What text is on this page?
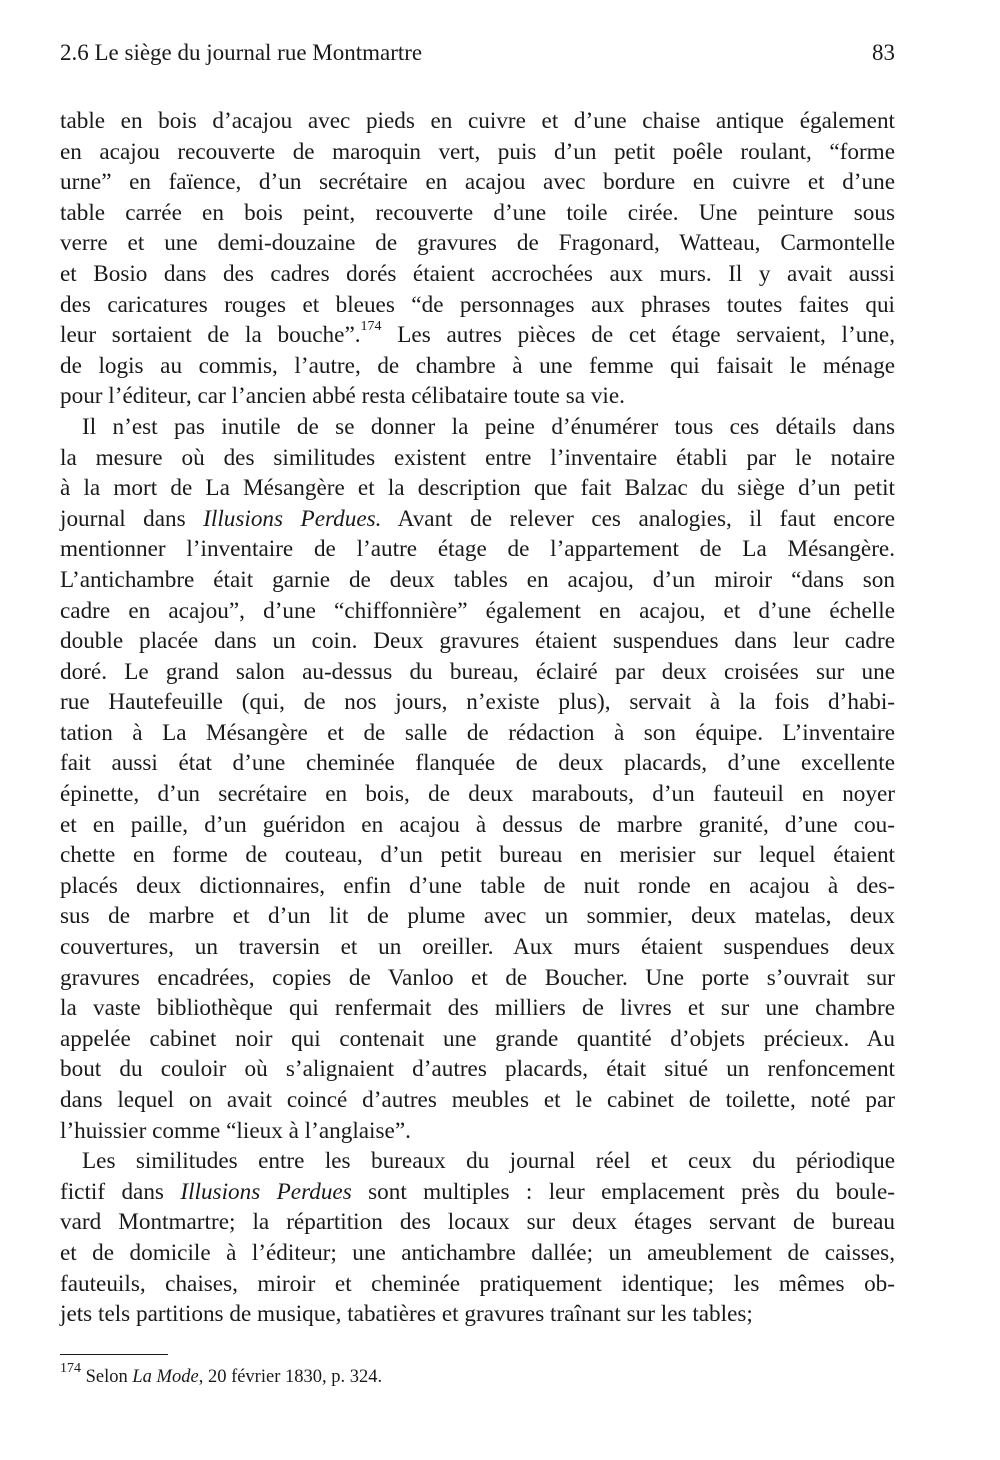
2.6 Le siège du journal rue Montmartre	83
table en bois d’acajou avec pieds en cuivre et d’une chaise antique également
en acajou recouverte de maroquin vert, puis d’un petit poêle roulant, “forme
urne” en faïence, d’un secrétaire en acajou avec bordure en cuivre et d’une
table carrée en bois peint, recouverte d’une toile cirée. Une peinture sous
verre et une demi-douzaine de gravures de Fragonard, Watteau, Carmontelle
et Bosio dans des cadres dorés étaient accrochées aux murs. Il y avait aussi
des caricatures rouges et bleues “de personnages aux phrases toutes faites qui
leur sortaient de la bouche”.$^{174}$ Les autres pièces de cet étage servaient, l’une,
de logis au commis, l’autre, de chambre à une femme qui faisait le ménage
pour l’éditeur, car l’ancien abbé resta célibataire toute sa vie.
Il n’est pas inutile de se donner la peine d’énumérer tous ces détails dans
la mesure où des similitudes existent entre l’inventaire établi par le notaire
à la mort de La Mésangère et la description que fait Balzac du siège d’un petit
journal dans Illusions Perdues. Avant de relever ces analogies, il faut encore
mentionner l’inventaire de l’autre étage de l’appartement de La Mésangère.
L’antichambre était garnie de deux tables en acajou, d’un miroir “dans son
cadre en acajou”, d’une “chiffonnière” également en acajou, et d’une échelle
double placée dans un coin. Deux gravures étaient suspendues dans leur cadre
doré. Le grand salon au-dessus du bureau, éclairé par deux croisées sur une
rue Hautefeuille (qui, de nos jours, n’existe plus), servait à la fois d’habi-
tation à La Mésangère et de salle de rédaction à son équipe. L’inventaire
fait aussi état d’une cheminée flanquée de deux placards, d’une excellente
épinette, d’un secrétaire en bois, de deux marabouts, d’un fauteuil en noyer
et en paille, d’un guéridon en acajou à dessus de marbre granité, d’une cou-
chette en forme de couteau, d’un petit bureau en merisier sur lequel étaient
placés deux dictionnaires, enfin d’une table de nuit ronde en acajou à des-
sus de marbre et d’un lit de plume avec un sommier, deux matelas, deux
couvertures, un traversin et un oreiller. Aux murs étaient suspendues deux
gravures encadrées, copies de Vanloo et de Boucher. Une porte s’ouvrait sur
la vaste bibliothèque qui renfermait des milliers de livres et sur une chambre
appelée cabinet noir qui contenait une grande quantité d’objets précieux. Au
bout du couloir où s’alignaient d’autres placards, était situé un renfoncement
dans lequel on avait coincé d’autres meubles et le cabinet de toilette, noté par
l’huissier comme “lieux à l’anglaise”.
Les similitudes entre les bureaux du journal réel et ceux du périodique
fictif dans Illusions Perdues sont multiples : leur emplacement près du boule-
vard Montmartre; la répartition des locaux sur deux étages servant de bureau
et de domicile à l’éditeur; une antichambre dallée; un ameublement de caisses,
fauteuils, chaises, miroir et cheminée pratiquement identique; les mêmes ob-
jets tels partitions de musique, tabatières et gravures traînant sur les tables;
$^{174}$ Selon La Mode, 20 février 1830, p. 324.
